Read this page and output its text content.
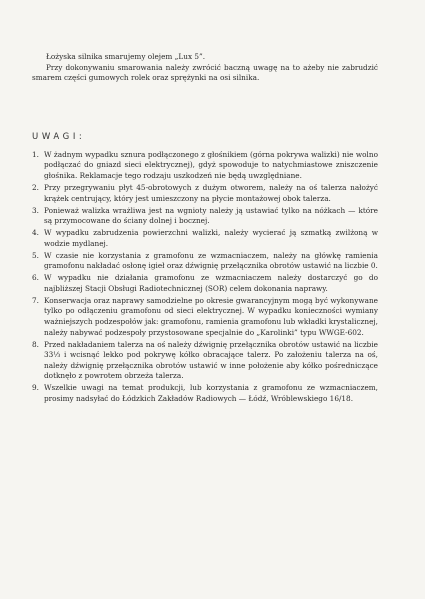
Łożyska silnika smarujemy olejem „Lux 5”.

Przy dokonywaniu smarowania należy zwrócić baczną uwagę na to ażeby nie zabrudzić smarem części gumowych rolek oraz sprężynki na osi silnika.

UWAGI:
1. W żadnym wypadku sznura podłączonego z głośnikiem (górna pokrywa walizki) nie wolno podłączać do gniazd sieci elektrycznej), gdyż spowoduje to natychmiastowe zniszczenie głośnika. Reklamacje tego rodzaju uszkodzeń nie będą uwzględniane.
2. Przy przegrywaniu płyt 45-obrotowych z dużym otworem, należy na oś talerza nałożyć krążek centrujący, który jest umieszczony na płycie montażowej obok talerza.
3. Ponieważ walizka wrażliwa jest na wgnioty należy ją ustawiać tylko na nóżkach — które są przymocowane do ściany dolnej i bocznej.
4. W wypadku zabrudzenia powierzchni walizki, należy wycierać ją szmatką zwilżoną w wodzie mydlanej.
5. W czasie nie korzystania z gramofonu ze wzmacniaczem, należy na główkę ramienia gramofonu nakładać osłonę igieł oraz dźwignię przełącznika obrotów ustawić na liczbie 0.
6. W wypadku nie działania gramofonu ze wzmacniaczem należy dostarczyć go do najbliższej Stacji Obsługi Radiotechnicznej (SOR) celem dokonania naprawy.
7. Konserwacja oraz naprawy samodzielne po okresie gwarancyjnym mogą być wykonywane tylko po odłączeniu gramofonu od sieci elektrycznej. W wypadku konieczności wymiany ważniejszych podzespołów jak: gramofonu, ramienia gramofonu lub wkładki krystalicznej, należy nabywać podzespoły przystosowane specjalnie do „Karolinki” typu WWGE-602.
8. Przed nakładaniem talerza na oś należy dźwignię przełącznika obrotów ustawić na liczbie 33⅓ i wcisnąć lekko pod pokrywę kółko obracające talerz. Po założeniu talerza na oś, należy dźwignię przełącznika obrotów ustawić w inne położenie aby kółko pośredniczące dotknęło z powrotem obrzeża talerza.
9. Wszelkie uwagi na temat produkcji, lub korzystania z gramofonu ze wzmacniaczem, prosimy nadsyłać do Łódzkich Zakładów Radiowych — Łódź, Wróblewskiego 16/18.
